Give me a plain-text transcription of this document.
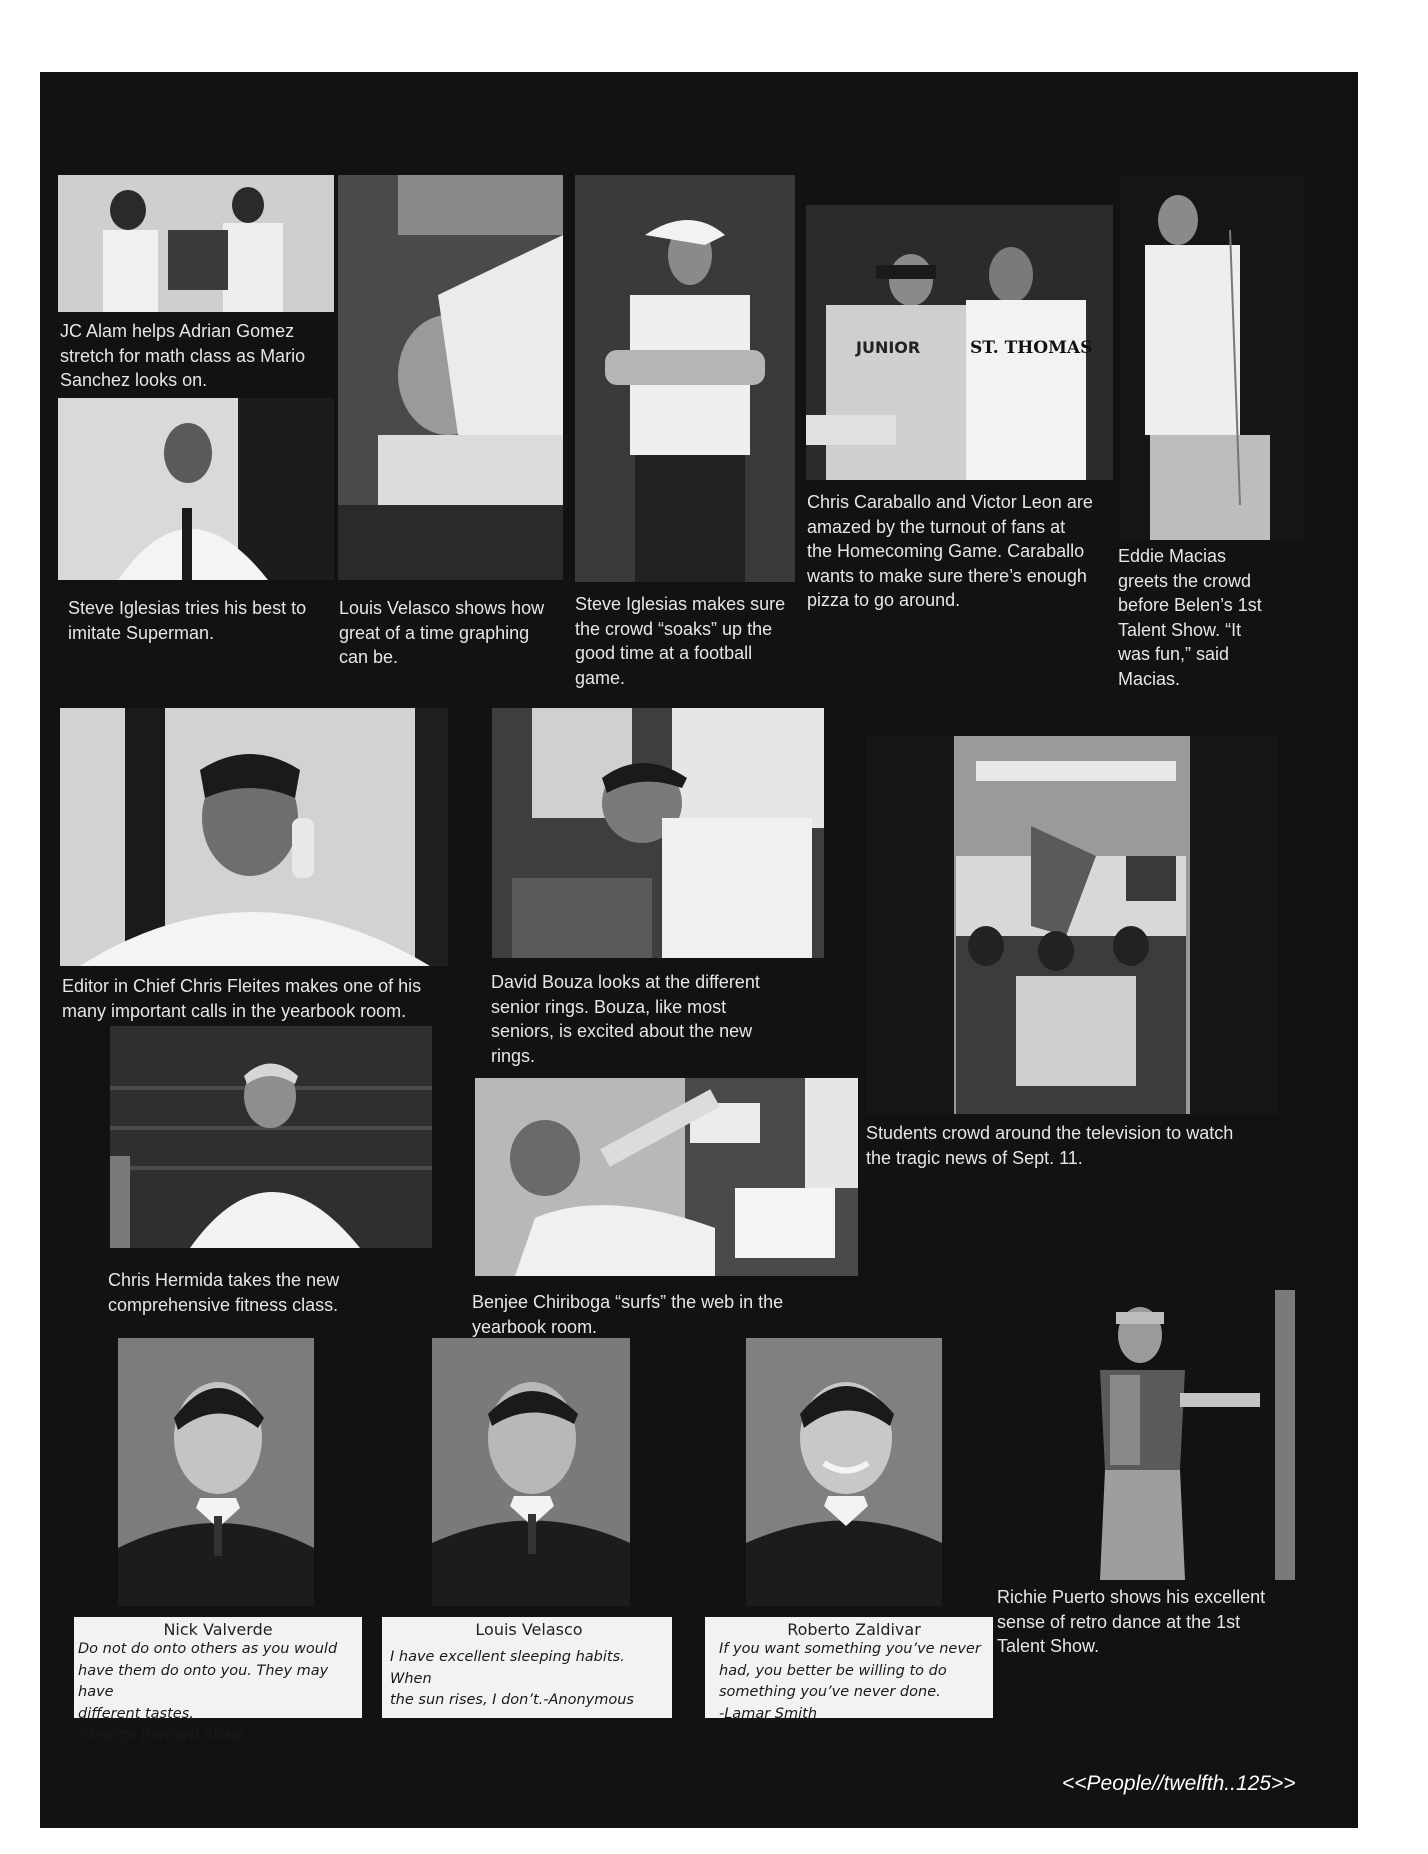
JC Alam helps Adrian Gomez
stretch for math class as Mario
Sanchez looks on.
Steve Iglesias tries his best to
imitate Superman.
Louis Velasco shows how
great of a time graphing
can be.
Steve Iglesias makes sure
the crowd “soaks” up the
good time at a football
game.
JUNIOR	ST. THOMAS
Chris Caraballo and Victor Leon are
amazed by the turnout of fans at
the Homecoming Game. Caraballo
wants to make sure there’s enough
pizza to go around.
Eddie Macias
greets the crowd
before Belen’s 1st
Talent Show. “It
was fun,” said
Macias.
Editor in Chief Chris Fleites makes one of his
many important calls in the yearbook room.
David Bouza looks at the different
senior rings. Bouza, like most
seniors, is excited about the new
rings.
Students crowd around the television to watch
the tragic news of Sept. 11.
Chris Hermida takes the new
comprehensive fitness class.	Benjee Chiriboga “surfs” the web in the
yearbook room.
Nick Valverde
Do not do onto others as you would
have them do onto you. They may have
different tastes.
-George Bernard Shaw
Louis Velasco
I have excellent sleeping habits. When
the sun rises, I don’t.-Anonymous
Roberto Zaldivar
If you want something you’ve never
had, you better be willing to do
something you’ve never done.
-Lamar Smith
Richie Puerto shows his excellent
sense of retro dance at the 1st
Talent Show.
<<People//twelfth..125>>
